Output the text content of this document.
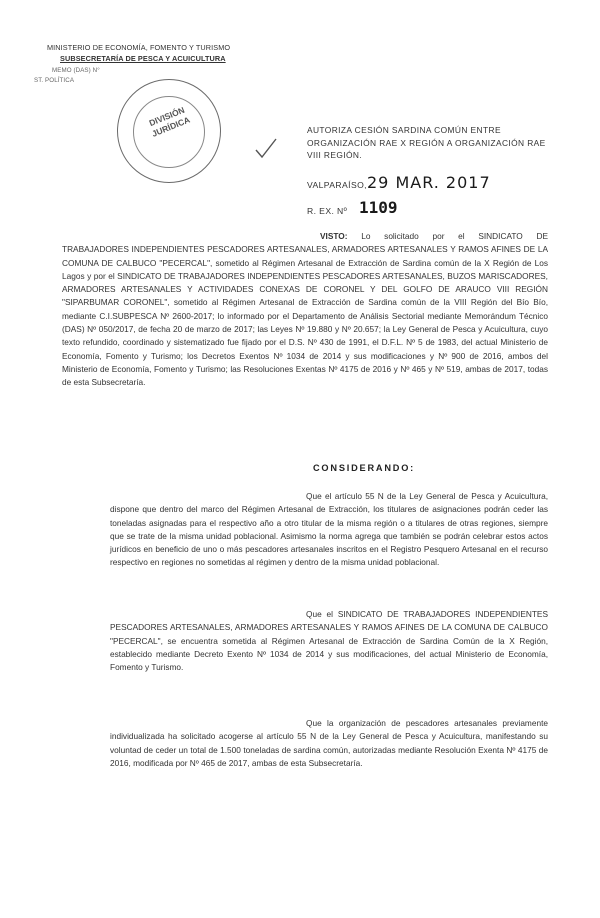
MINISTERIO DE ECONOMÍA, FOMENTO Y TURISMO
SUBSECRETARÍA DE PESCA Y ACUICULTURA
MEMO (DAS) N°
ST. POLÍTICA
DIVISIÓN JURÍDICA	AUTORIZA CESIÓN SARDINA COMÚN ENTRE ORGANIZACIÓN RAE X REGIÓN A ORGANIZACIÓN RAE VIII REGIÓN.
VALPARAÍSO, 29 MAR. 2017
R. EX. Nº 1109
VISTO: Lo solicitado por el SINDICATO DE TRABAJADORES INDEPENDIENTES PESCADORES ARTESANALES, ARMADORES ARTESANALES Y RAMOS AFINES DE LA COMUNA DE CALBUCO "PECERCAL", sometido al Régimen Artesanal de Extracción de Sardina común de la X Región de Los Lagos y por el SINDICATO DE TRABAJADORES INDEPENDIENTES PESCADORES ARTESANALES, BUZOS MARISCADORES, ARMADORES ARTESANALES Y ACTIVIDADES CONEXAS DE CORONEL Y DEL GOLFO DE ARAUCO VIII REGIÓN "SIPARBUMAR CORONEL", sometido al Régimen Artesanal de Extracción de Sardina común de la VIII Región del Bío Bío, mediante C.I.SUBPESCA Nº 2600-2017; lo informado por el Departamento de Análisis Sectorial mediante Memorándum Técnico (DAS) Nº 050/2017, de fecha 20 de marzo de 2017; las Leyes Nº 19.880 y Nº 20.657; la Ley General de Pesca y Acuicultura, cuyo texto refundido, coordinado y sistematizado fue fijado por el D.S. Nº 430 de 1991, el D.F.L. Nº 5 de 1983, del actual Ministerio de Economía, Fomento y Turismo; los Decretos Exentos Nº 1034 de 2014 y sus modificaciones y Nº 900 de 2016, ambos del Ministerio de Economía, Fomento y Turismo; las Resoluciones Exentas Nº 4175 de 2016 y Nº 465 y Nº 519, ambas de 2017, todas de esta Subsecretaría.
CONSIDERANDO:
Que el artículo 55 N de la Ley General de Pesca y Acuicultura, dispone que dentro del marco del Régimen Artesanal de Extracción, los titulares de asignaciones podrán ceder las toneladas asignadas para el respectivo año a otro titular de la misma región o a titulares de otras regiones, siempre que se trate de la misma unidad poblacional. Asimismo la norma agrega que también se podrán celebrar estos actos jurídicos en beneficio de uno o más pescadores artesanales inscritos en el Registro Pesquero Artesanal en el recurso respectivo en regiones no sometidas al régimen y dentro de la misma unidad poblacional.
Que el SINDICATO DE TRABAJADORES INDEPENDIENTES PESCADORES ARTESANALES, ARMADORES ARTESANALES Y RAMOS AFINES DE LA COMUNA DE CALBUCO "PECERCAL", se encuentra sometida al Régimen Artesanal de Extracción de Sardina Común de la X Región, establecido mediante Decreto Exento Nº 1034 de 2014 y sus modificaciones, del actual Ministerio de Economía, Fomento y Turismo.
Que la organización de pescadores artesanales previamente individualizada ha solicitado acogerse al artículo 55 N de la Ley General de Pesca y Acuicultura, manifestando su voluntad de ceder un total de 1.500 toneladas de sardina común, autorizadas mediante Resolución Exenta Nº 4175 de 2016, modificada por Nº 465 de 2017, ambas de esta Subsecretaría.
